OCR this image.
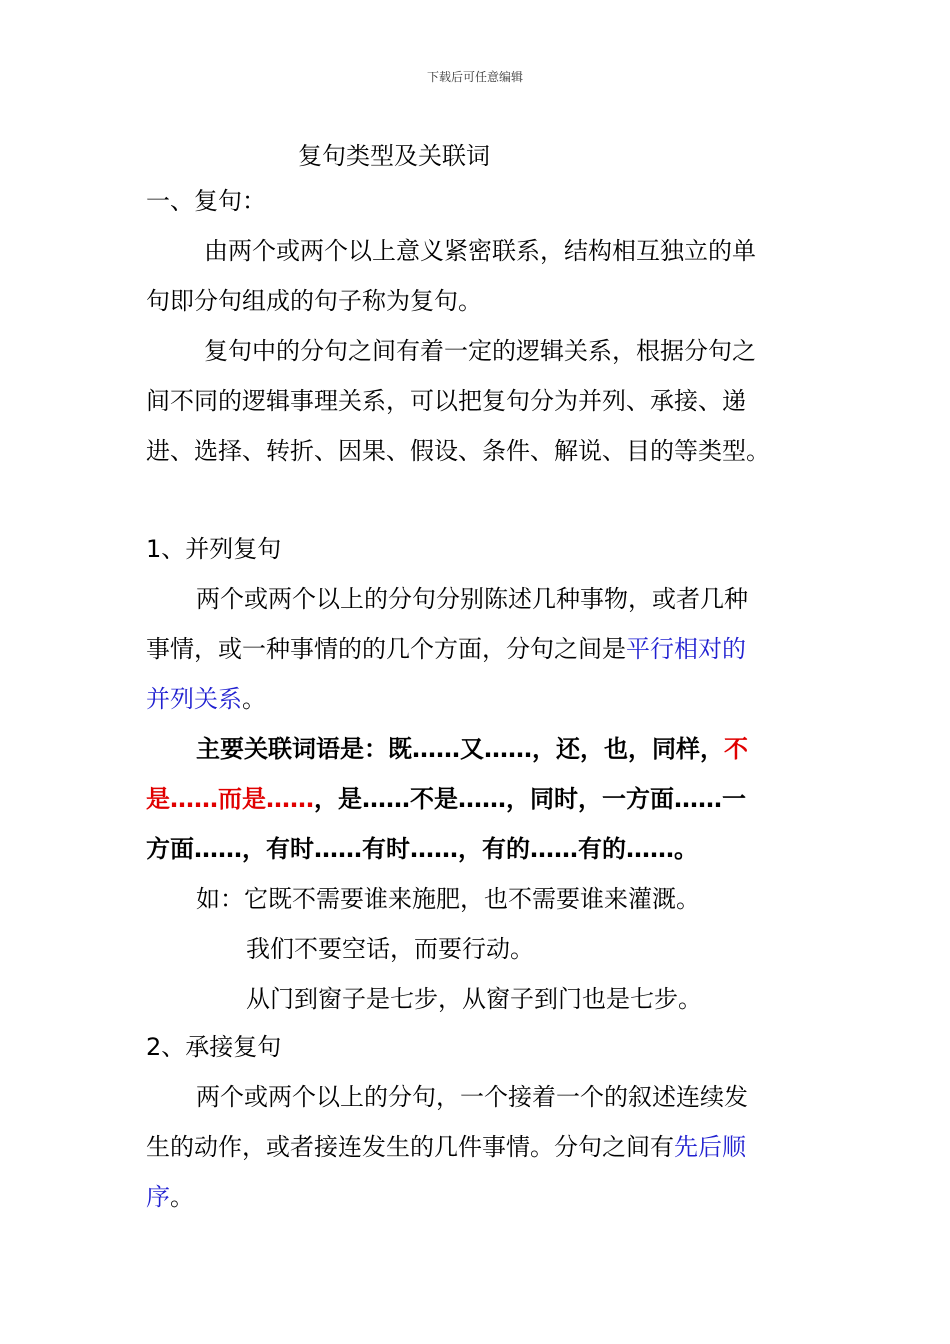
下载后可任意编辑
复句类型及关联词
一、复句：
由两个或两个以上意义紧密联系，结构相互独立的单
句即分句组成的句子称为复句。
复句中的分句之间有着一定的逻辑关系，根据分句之
间不同的逻辑事理关系，可以把复句分为并列、承接、递
进、选择、转折、因果、假设、条件、解说、目的等类型。
1、并列复句
两个或两个以上的分句分别陈述几种事物，或者几种
事情，或一种事情的的几个方面，分句之间是平行相对的
并列关系。
主要关联词语是：既……又……，还，也，同样，不
是……而是……，是……不是……，同时，一方面……一
方面……，有时……有时……，有的……有的……。
如：它既不需要谁来施肥，也不需要谁来灌溉。
我们不要空话，而要行动。
从门到窗子是七步，从窗子到门也是七步。
2、承接复句
两个或两个以上的分句，一个接着一个的叙述连续发
生的动作，或者接连发生的几件事情。分句之间有先后顺
序。
